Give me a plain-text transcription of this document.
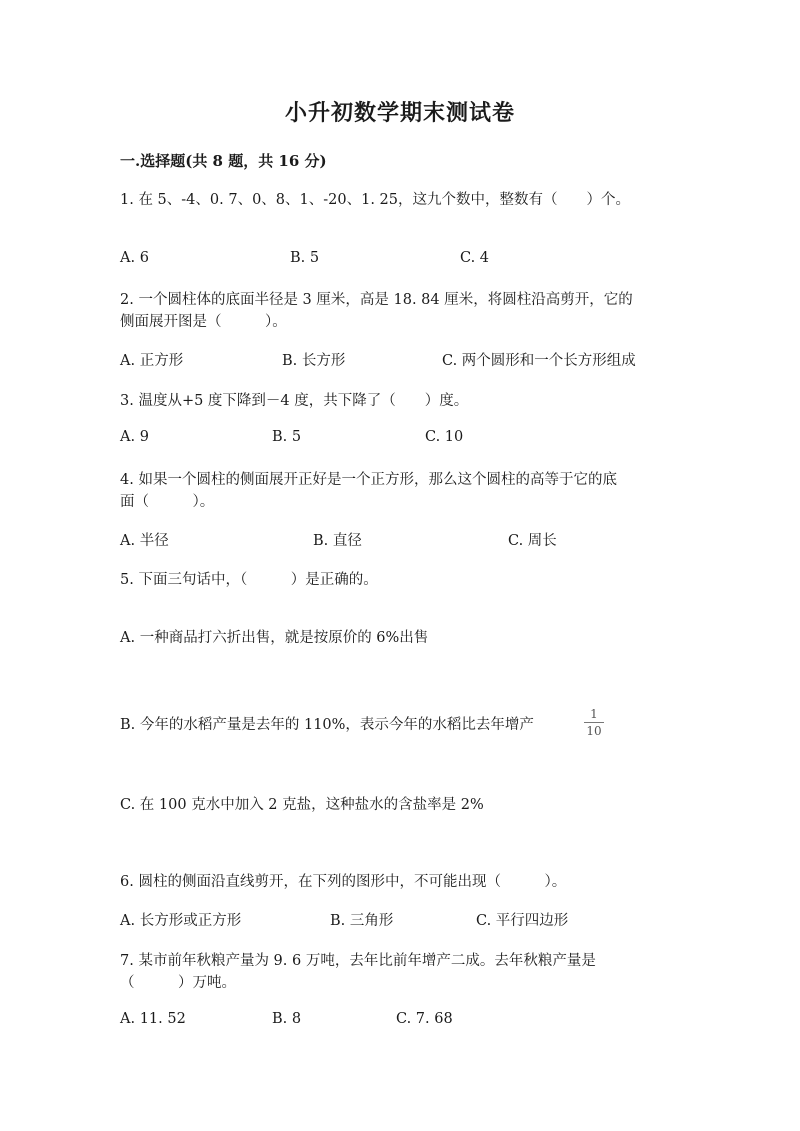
小升初数学期末测试卷
一.选择题(共 8 题，共 16 分)
1. 在 5、-4、0. 7、0、8、1、-20、1. 25，这九个数中，整数有（　　）个。
A. 6	B. 5	C. 4
2. 一个圆柱体的底面半径是 3 厘米，高是 18. 84 厘米，将圆柱沿高剪开，它的
侧面展开图是（　　　）。
A. 正方形	B. 长方形	C. 两个圆形和一个长方形组成
3. 温度从+5 度下降到－4 度，共下降了（　　）度。
A. 9	B. 5	C. 10
4. 如果一个圆柱的侧面展开正好是一个正方形，那么这个圆柱的高等于它的底
面（　　　）。
A. 半径	B. 直径	C. 周长
5. 下面三句话中，（　　　）是正确的。
A. 一种商品打六折出售，就是按原价的 6%出售
B. 今年的水稻产量是去年的 110%，表示今年的水稻比去年增产
1
10
C. 在 100 克水中加入 2 克盐，这种盐水的含盐率是 2%
6. 圆柱的侧面沿直线剪开，在下列的图形中，不可能出现（　　　）。
A. 长方形或正方形	B. 三角形	C. 平行四边形
7. 某市前年秋粮产量为 9. 6 万吨，去年比前年增产二成。去年秋粮产量是
（　　　）万吨。
A. 11. 52	B. 8	C. 7. 68
